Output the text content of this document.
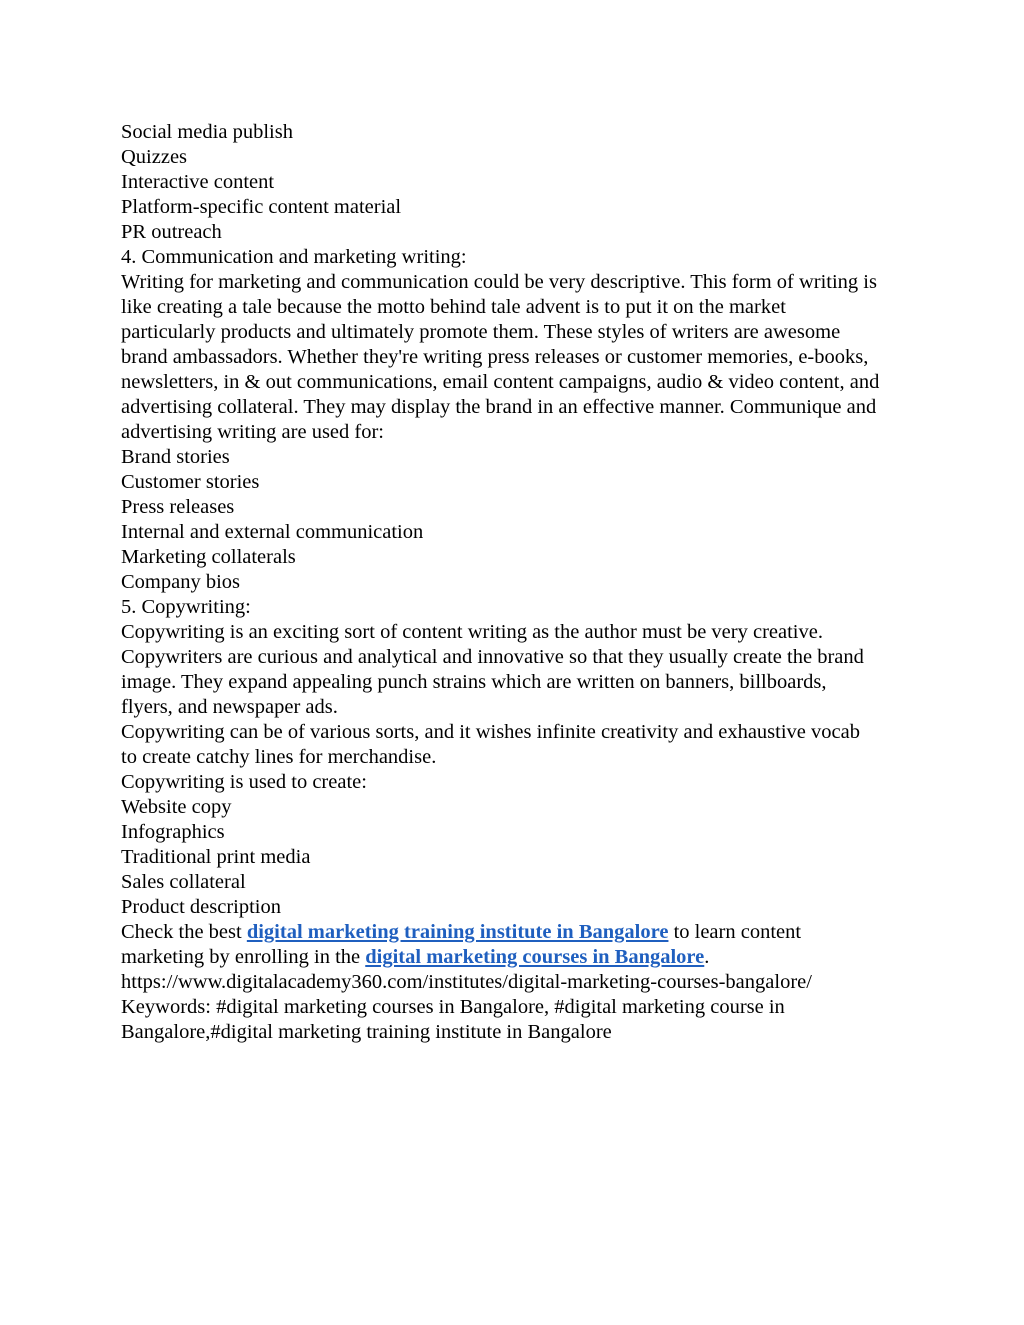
Social media publish
Quizzes
Interactive content
Platform-specific content material
PR outreach
4. Communication and marketing writing:
Writing for marketing and communication could be very descriptive. This form of writing is like creating a tale because the motto behind tale advent is to put it on the market particularly products and ultimately promote them. These styles of writers are awesome brand ambassadors. Whether they're writing press releases or customer memories, e-books, newsletters, in & out communications, email content campaigns, audio & video content, and advertising collateral. They may display the brand in an effective manner. Communique and advertising writing are used for:
Brand stories
Customer stories
Press releases
Internal and external communication
Marketing collaterals
Company bios
5. Copywriting:
Copywriting is an exciting sort of content writing as the author must be very creative. Copywriters are curious and analytical and innovative so that they usually create the brand image. They expand appealing punch strains which are written on banners, billboards, flyers, and newspaper ads.
Copywriting can be of various sorts, and it wishes infinite creativity and exhaustive vocab to create catchy lines for merchandise.
Copywriting is used to create:
Website copy
Infographics
Traditional print media
Sales collateral
Product description
Check the best digital marketing training institute in Bangalore to learn content marketing by enrolling in the digital marketing courses in Bangalore.
https://www.digitalacademy360.com/institutes/digital-marketing-courses-bangalore/
Keywords: #digital marketing courses in Bangalore, #digital marketing course in Bangalore,#digital marketing training institute in Bangalore
